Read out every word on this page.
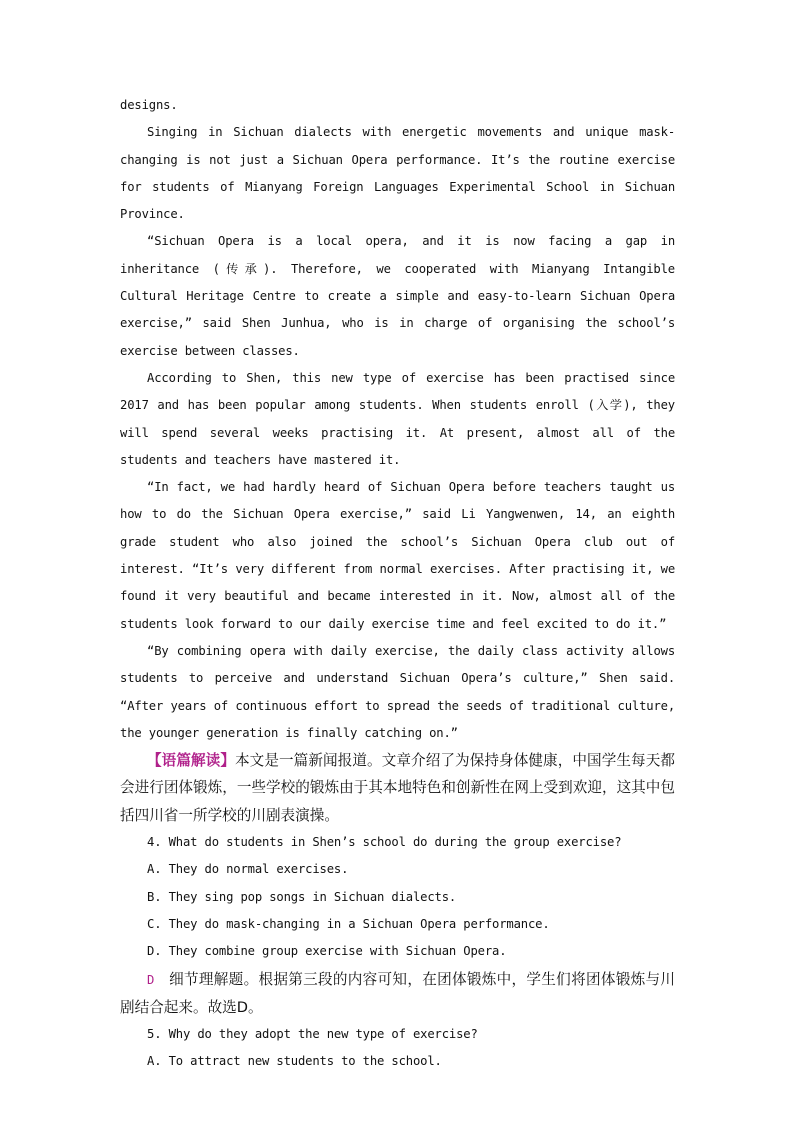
designs.

Singing in Sichuan dialects with energetic movements and unique mask-changing is not just a Sichuan Opera performance. It’s the routine exercise for students of Mianyang Foreign Languages Experimental School in Sichuan Province.

“Sichuan Opera is a local opera, and it is now facing a gap in inheritance (传承). Therefore, we cooperated with Mianyang Intangible Cultural Heritage Centre to create a simple and easy-to-learn Sichuan Opera exercise,” said Shen Junhua, who is in charge of organising the school’s exercise between classes.

According to Shen, this new type of exercise has been practised since 2017 and has been popular among students. When students enroll (入学), they will spend several weeks practising it. At present, almost all of the students and teachers have mastered it.

“In fact, we had hardly heard of Sichuan Opera before teachers taught us how to do the Sichuan Opera exercise,” said Li Yangwenwen, 14, an eighth grade student who also joined the school’s Sichuan Opera club out of interest. “It’s very different from normal exercises. After practising it, we found it very beautiful and became interested in it. Now, almost all of the students look forward to our daily exercise time and feel excited to do it.”

“By combining opera with daily exercise, the daily class activity allows students to perceive and understand Sichuan Opera’s culture,” Shen said. “After years of continuous effort to spread the seeds of traditional culture, the younger generation is finally catching on.”

【语篇解读】本文是一篇新闻报道。文章介绍了为保持身体健康，中国学生每天都会进行团体锻炼，一些学校的锻炼由于其本地特色和创新性在网上受到欢迎，这其中包括四川省一所学校的川剧表演操。

4. What do students in Shen’s school do during the group exercise?

A. They do normal exercises.

B. They sing pop songs in Sichuan dialects.

C. They do mask-changing in a Sichuan Opera performance.

D. They combine group exercise with Sichuan Opera.

D 细节理解题。根据第三段的内容可知，在团体锻炼中，学生们将团体锻炼与川剧结合起来。故选D。

5. Why do they adopt the new type of exercise?

A. To attract new students to the school.
